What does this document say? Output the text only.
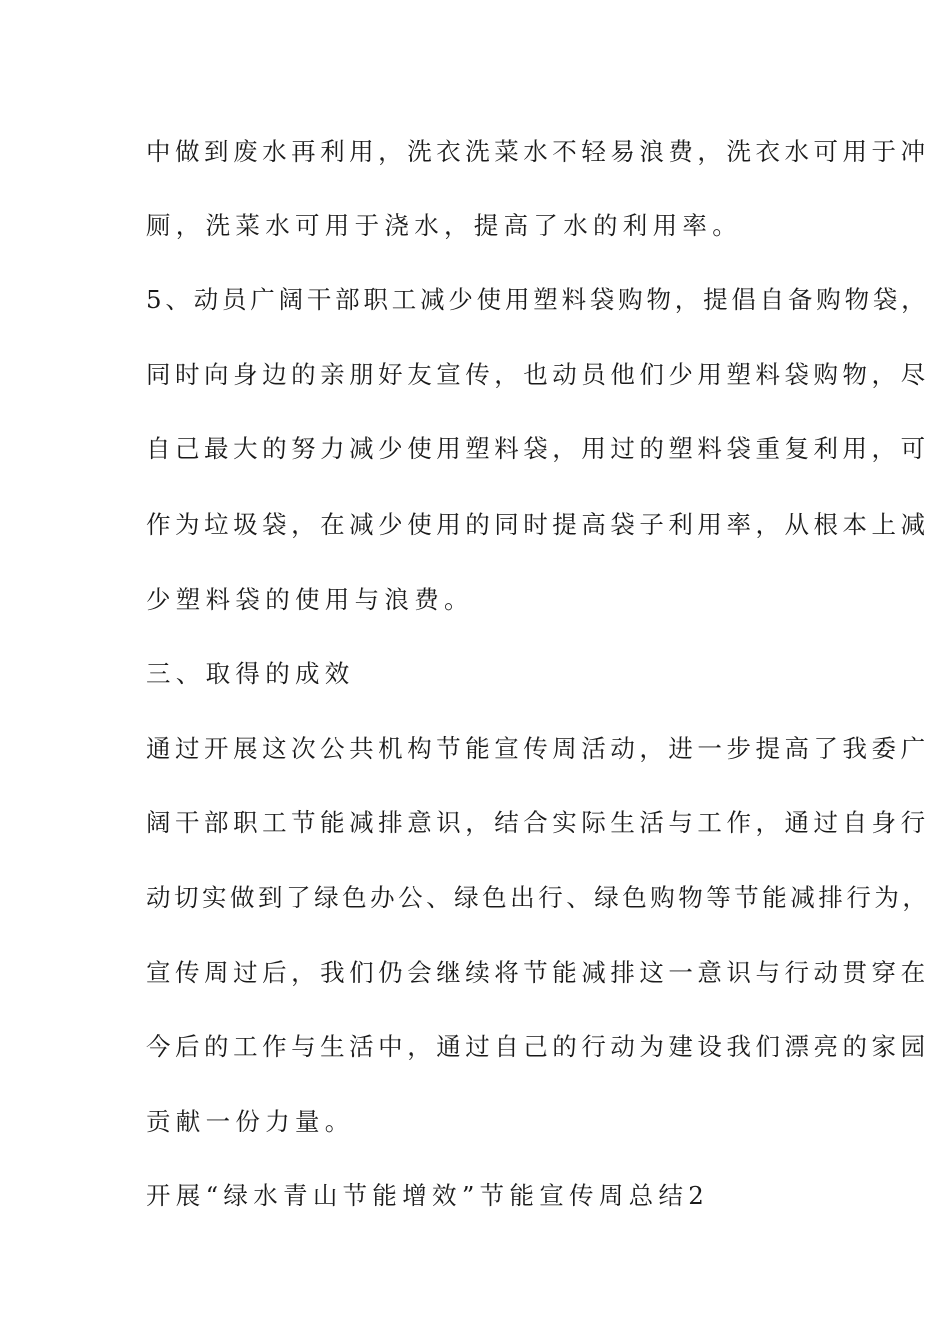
中做到废水再利用，洗衣洗菜水不轻易浪费，洗衣水可用于冲

厕，洗菜水可用于浇水，提高了水的利用率。

5、动员广阔干部职工减少使用塑料袋购物，提倡自备购物袋，

同时向身边的亲朋好友宣传，也动员他们少用塑料袋购物，尽

自己最大的努力减少使用塑料袋，用过的塑料袋重复利用，可

作为垃圾袋，在减少使用的同时提高袋子利用率，从根本上减

少塑料袋的使用与浪费。

三、取得的成效

通过开展这次公共机构节能宣传周活动，进一步提高了我委广

阔干部职工节能减排意识，结合实际生活与工作，通过自身行

动切实做到了绿色办公、绿色出行、绿色购物等节能减排行为，

宣传周过后，我们仍会继续将节能减排这一意识与行动贯穿在

今后的工作与生活中，通过自己的行动为建设我们漂亮的家园

贡献一份力量。

开展“绿水青山节能增效”节能宣传周总结2
